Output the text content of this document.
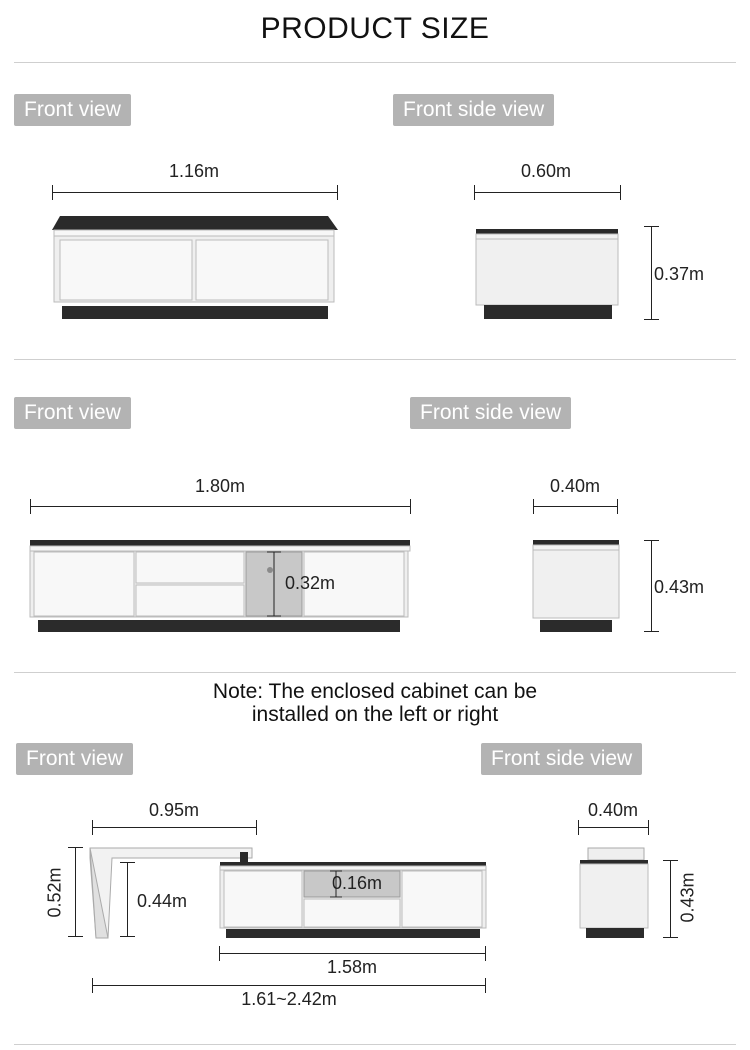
PRODUCT SIZE
Front view	Front side view
1.16m	0.60m
0.37m
Front view	Front side view
1.80m
0.32m
0.40m
0.43m
Note: The enclosed cabinet can be
installed on the left or right
Front view	Front side view
0.95m
0.52m	0.44m
0.16m
1.58m
1.61~2.42m
0.40m
0.43m
